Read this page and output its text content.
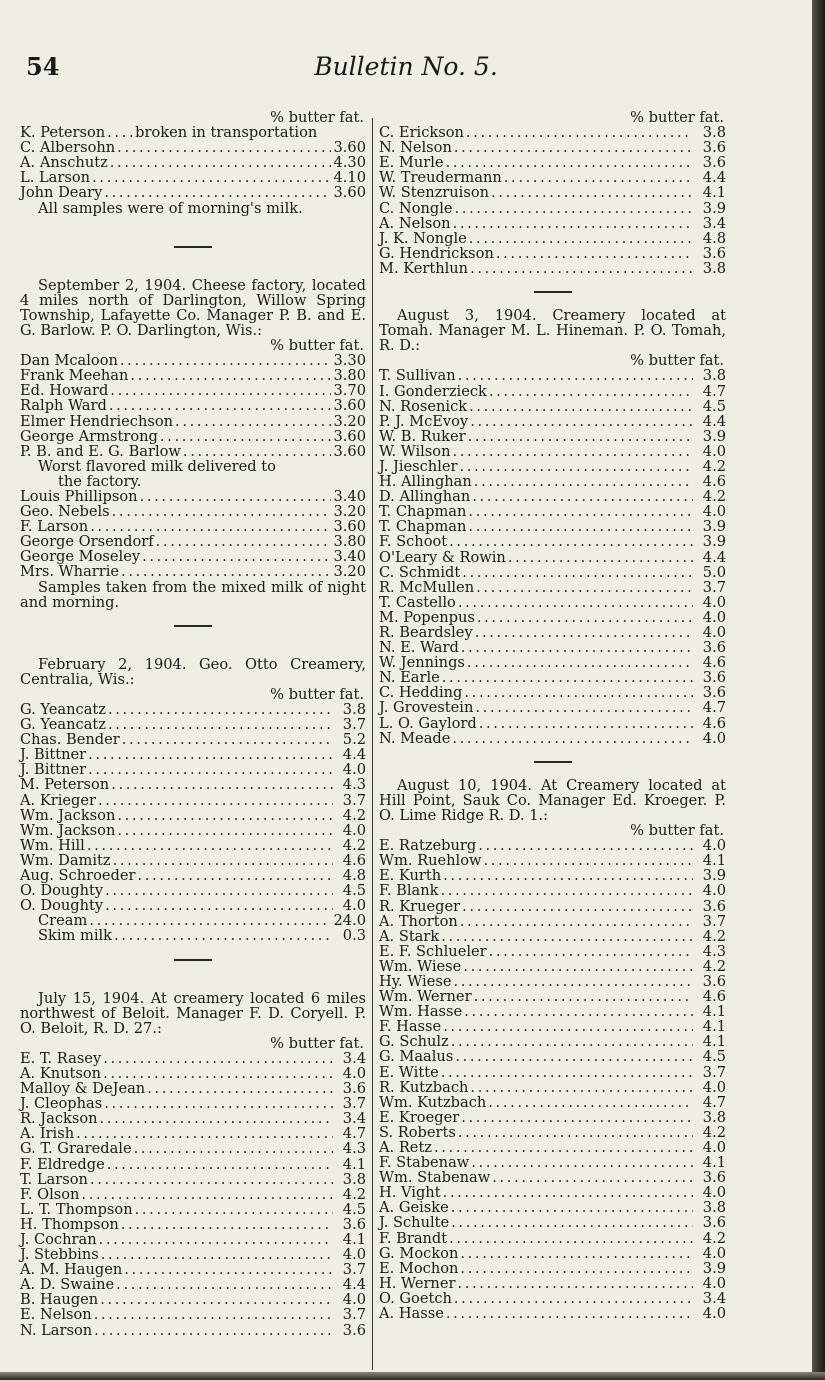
54	Bulletin No. 5.
% butter fat.
K. Peterson . . . broken in transportation
C. Albersohn . . .	3.60
A. Anschutz . . .	4.30
L. Larson . . .	4.10
John Deary . . .	3.60
All samples were of morning's milk.

September 2, 1904. Cheese factory, located 4 miles north of Darlington, Willow Spring Township, Lafayette Co. Manager P. B. and E. G. Barlow. P. O. Darlington, Wis.:

% butter fat.
Dan Mcaloon . . .	3.30
Frank Meehan . . .	3.80
Ed. Howard . . .	3.70
Ralph Ward . . .	3.60
Elmer Hendriechson . . .	3.20
George Armstrong . . .	3.60
P. B. and E. G. Barlow . . .	3.60
Worst flavored milk delivered to
the factory.
Louis Phillipson . . .	3.40
Geo. Nebels . . .	3.20
F. Larson . . .	3.60
George Orsendorf . . .	3.80
George Moseley . . .	3.40
Mrs. Wharrie . . .	3.20

Samples taken from the mixed milk of night and morning.

February 2, 1904. Geo. Otto Creamery, Centralia, Wis.:

% butter fat.
G. Yeancatz . . .	3.8
G. Yeancatz . . .	3.7
Chas. Bender . . .	5.2
J. Bittner . . .	4.4
J. Bittner . . .	4.0
M. Peterson . . .	4.3
A. Krieger . . .	3.7
Wm. Jackson . . .	4.2
Wm. Jackson . . .	4.0
Wm. Hill . . .	4.2
Wm. Damitz . . .	4.6
Aug. Schroeder . . .	4.8
O. Doughty . . .	4.5
O. Doughty . . .	4.0
Cream . . .	24.0
Skim milk . . .	0.3

July 15, 1904. At creamery located 6 miles northwest of Beloit. Manager F. D. Coryell. P. O. Beloit, R. D. 27.:

% butter fat.
E. T. Rasey . . .	3.4
A. Knutson . . .	4.0
Malloy & DeJean . . .	3.6
J. Cleophas . . .	3.7
R. Jackson . . .	3.4
A. Irish . . .	4.7
G. T. Graredale . . .	4.3
F. Eldredge . . .	4.1
T. Larson . . .	3.8
F. Olson . . .	4.2
L. T. Thompson . . .	4.5
H. Thompson . . .	3.6
J. Cochran . . .	4.1
J. Stebbins . . .	4.0
A. M. Haugen . . .	3.7
A. D. Swaine . . .	4.4
B. Haugen . . .	4.0
E. Nelson . . .	3.7
N. Larson . . .	3.6
% butter fat.
C. Erickson . . .	3.8
N. Nelson . . .	3.6
E. Murle . . .	3.6
W. Treudermann . . .	4.4
W. Stenzruison . . .	4.1
C. Nongle . . .	3.9
A. Nelson . . .	3.4
J. K. Nongle . . .	4.8
G. Hendrickson . . .	3.6
M. Kerthlun . . .	3.8

August 3, 1904. Creamery located at Tomah. Manager M. L. Hineman. P. O. Tomah, R. D.:

% butter fat.
T. Sullivan . . .	3.8
I. Gonderzieck . . .	4.7
N. Rosenick . . .	4.5
P. J. McEvoy . . .	4.4
W. B. Ruker . . .	3.9
W. Wilson . . .	4.0
J. Jieschler . . .	4.2
H. Allinghan . . .	4.6
D. Allinghan . . .	4.2
T. Chapman . . .	4.0
T. Chapman . . .	3.9
F. Schoot . . .	3.9
O'Leary & Rowin . . .	4.4
C. Schmidt . . .	5.0
R. McMullen . . .	3.7
T. Castello . . .	4.0
M. Popenpus . . .	4.0
R. Beardsley . . .	4.0
N. E. Ward . . .	3.6
W. Jennings . . .	4.6
N. Earle . . .	3.6
C. Hedding . . .	3.6
J. Grovestein . . .	4.7
L. O. Gaylord . . .	4.6
N. Meade . . .	4.0

August 10, 1904. At Creamery located at Hill Point, Sauk Co. Manager Ed. Kroeger. P. O. Lime Ridge R. D. 1.:

% butter fat.
E. Ratzeburg . . .	4.0
Wm. Ruehlow . . .	4.1
E. Kurth . . .	3.9
F. Blank . . .	4.0
R. Krueger . . .	3.6
A. Thorton . . .	3.7
A. Stark . . .	4.2
E. F. Schlueler . . .	4.3
Wm. Wiese . . .	4.2
Hy. Wiese . . .	3.6
Wm. Werner . . .	4.6
Wm. Hasse . . .	4.1
F. Hasse . . .	4.1
G. Schulz . . .	4.1
G. Maalus . . .	4.5
E. Witte . . .	3.7
R. Kutzbach . . .	4.0
Wm. Kutzbach . . .	4.7
E. Kroeger . . .	3.8
S. Roberts . . .	4.2
A. Retz . . .	4.0
F. Stabenaw . . .	4.1
Wm. Stabenaw . . .	3.6
H. Vight . . .	4.0
A. Geiske . . .	3.8
J. Schulte . . .	3.6
F. Brandt . . .	4.2
G. Mockon . . .	4.0
E. Mochon . . .	3.9
H. Werner . . .	4.0
O. Goetch . . .	3.4
A. Hasse . . .	4.0
